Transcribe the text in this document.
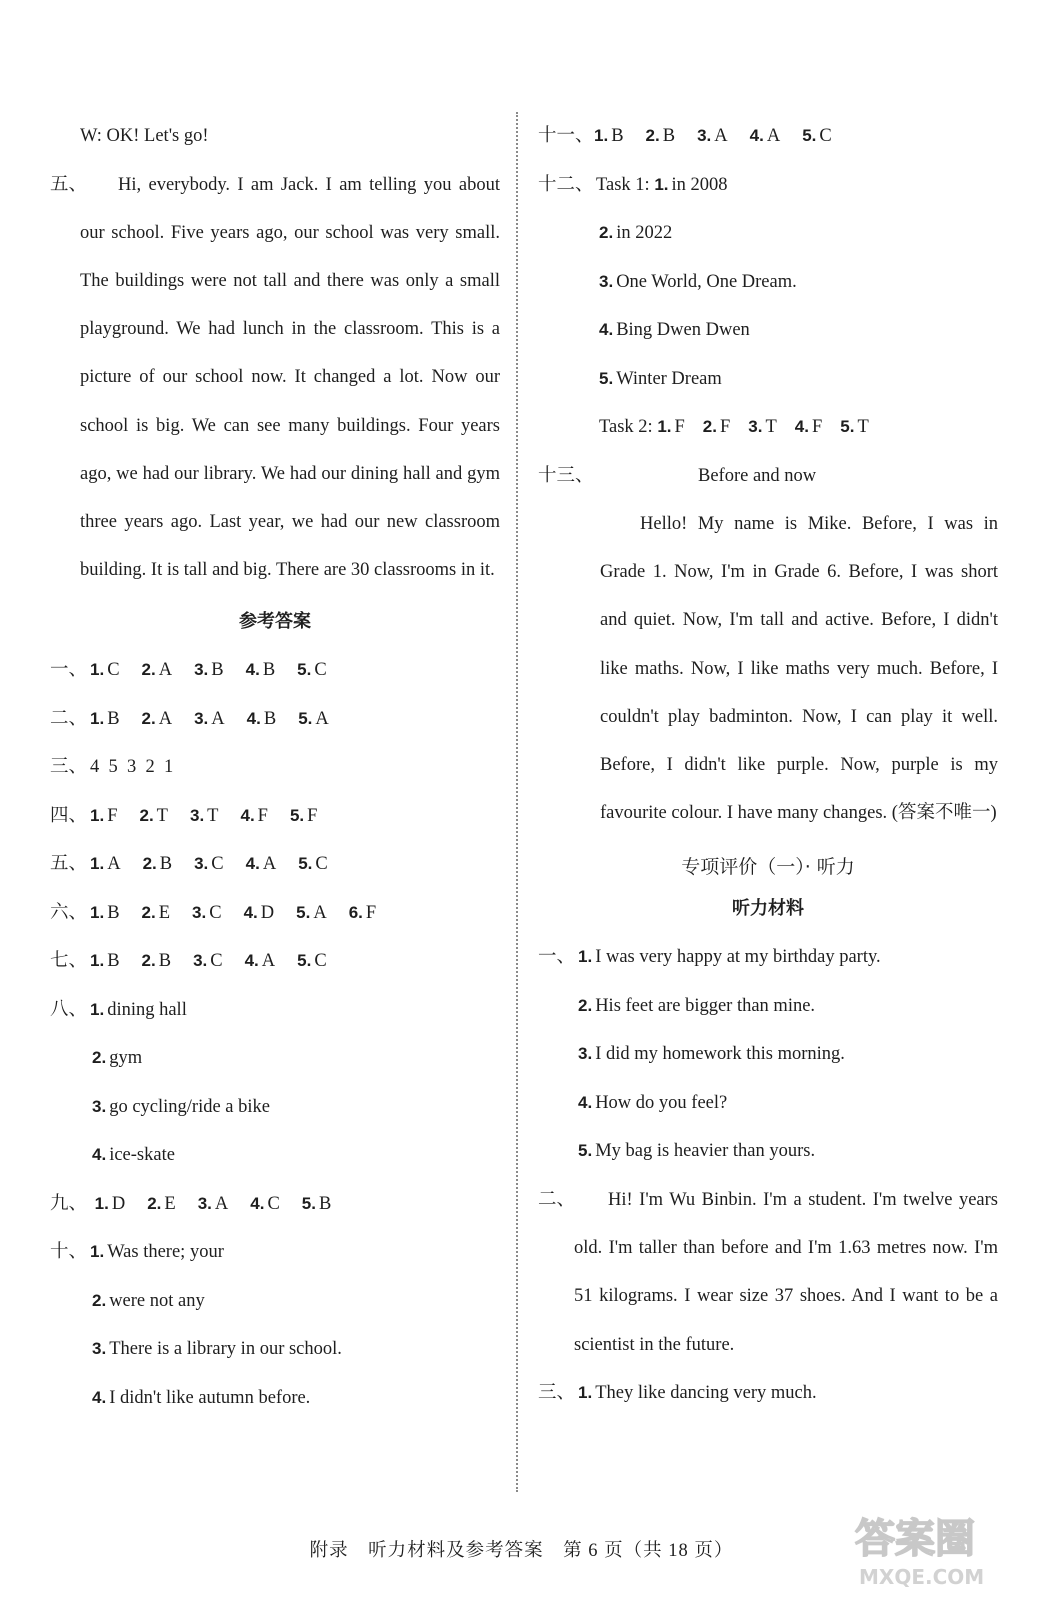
W: OK! Let's go!
五、	Hi, everybody. I am Jack. I am telling you about our school. Five years ago, our school was very small. The buildings were not tall and there was only a small playground. We had lunch in the classroom. This is a picture of our school now. It changed a lot. Now our school is big. We can see many buildings. Four years ago, we had our library. We had our dining hall and gym three years ago. Last year, we had our new classroom building. It is tall and big. There are 30 classrooms in it.
参考答案
一、 1. C 2. A 3. B 4. B 5. C
二、 1. B 2. A 3. A 4. B 5. A
三、 4  5  3  2  1
四、 1. F 2. T 3. T 4. F 5. F
五、 1. A 2. B 3. C 4. A 5. C
六、 1. B 2. E 3. C 4. D 5. A 6. F
七、 1. B 2. B 3. C 4. A 5. C
八、 1. dining hall
2. gym
3. go cycling/ride a bike
4. ice-skate
九、 1. D 2. E 3. A 4. C 5. B
十、 1. Was there; your
2. were not any
3. There is a library in our school.
4. I didn't like autumn before.
十一、1. B 2. B 3. A 4. A 5. C
十二、 Task 1: 1. in 2008
2. in 2022
3. One World, One Dream.
4. Bing Dwen Dwen
5. Winter Dream
Task 2: 1. F 2. F 3. T 4. F 5. T
十三、	Before and now
Hello! My name is Mike. Before, I was in Grade 1. Now, I'm in Grade 6. Before, I was short and quiet. Now, I'm tall and active. Before, I didn't like maths. Now, I like maths very much. Before, I couldn't play badminton. Now, I can play it well. Before, I didn't like purple. Now, purple is my favourite colour. I have many changes. (答案不唯一)
专项评价（一）· 听力
听力材料
一、 1. I was very happy at my birthday party.
2. His feet are bigger than mine.
3. I did my homework this morning.
4. How do you feel?
5. My bag is heavier than yours.
二、	Hi! I'm Wu Binbin. I'm a student. I'm twelve years old. I'm taller than before and I'm 1.63 metres now. I'm 51 kilograms. I wear size 37 shoes. And I want to be a scientist in the future.
三、 1. They like dancing very much.
附录　听力材料及参考答案　第 6 页（共 18 页）	答案圈
MXQE.COM
